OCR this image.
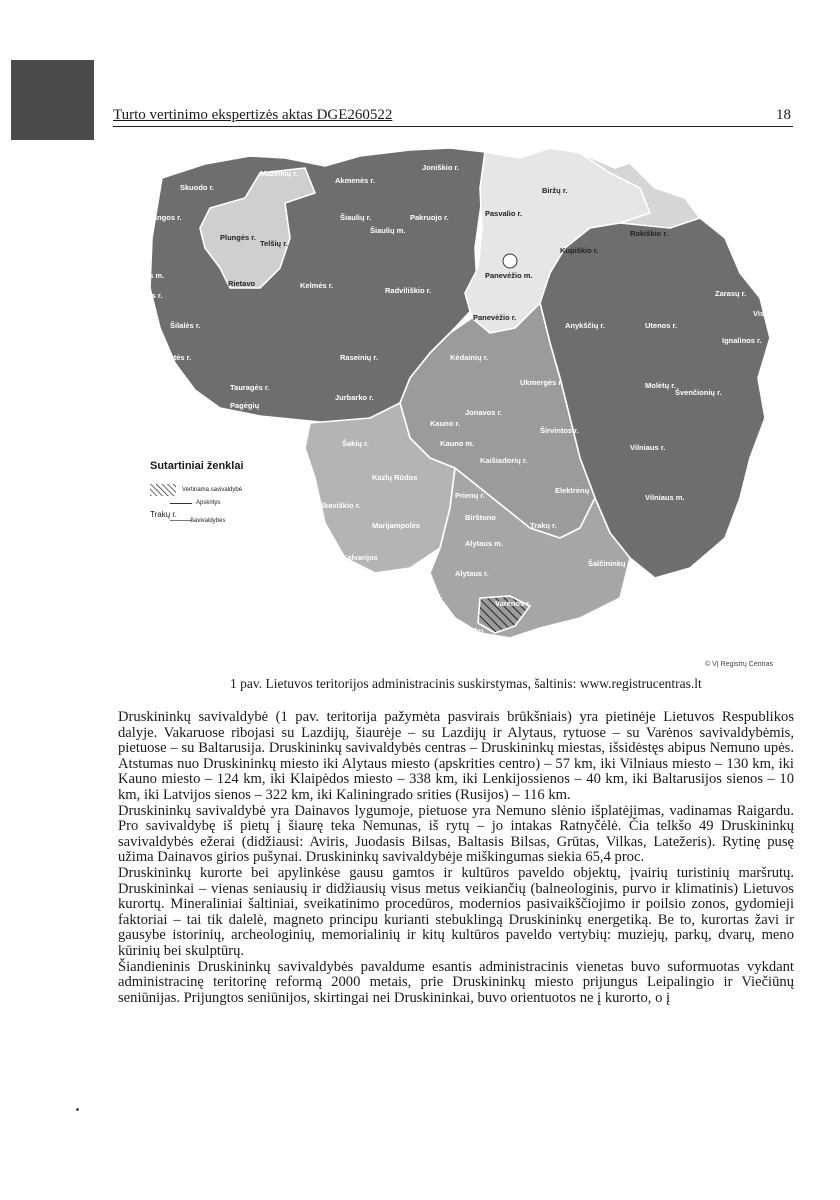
Turto vertinimo ekspertizės aktas DGE260522	18
Mažeikių r.
Skuodo r.
Akmenės r.
Joniškio r.
Kretingos r.	Šiaulių r.
Šiaulių m.
Pakruojo r.
Palangos m.
Klaipėdos r.
Kelmės r.
Radviliškio r.
Šilalės r.
Neringa
Šilutės r.
Tauragės r.
Raseinių r.	Kėdainių r.
Anykščių r.	Utenos r.
Zarasų r.
Visaginas
Ignalinos r.
Ukmergės r.	Molėtų r.
Švenčionių r.
Pagėgių
Jurbarko r.
Jonavos r.
Kauno r.
Kauno m.
Širvintos r.
Vilniaus r.
Šakių r.
Kaišiadorių r.
Elektrėnų
Vilniaus m.
Kazlų Rūdos
Vilkaviškio r.
Prienų r.
Birštono
Trakų r.
Marijampolės
Alytaus m.
Kalvarijos
Alytaus r.
Šalčininkų r.
Lazdijų r.
Varėnos r.
Druskininkų
Plungės r.
Telšių r.
Rietavo
Biržų r.
Pasvalio r.
Kupiškio r.
Rokiškio r.
Panevėžio m.
Panevėžio r.
Sutartiniai ženklai
Vertinama savivaldybė
Apskritys
Trakų r.
Savivaldybės
© VĮ Registrų Centras
1 pav. Lietuvos teritorijos administracinis suskirstymas, šaltinis: www.registrucentras.lt

Druskininkų savivaldybė (1 pav. teritorija pažymėta pasvirais brūkšniais) yra pietinėje Lietuvos Respublikos dalyje. Vakaruose ribojasi su Lazdijų, šiaurėje – su Lazdijų ir Alytaus, rytuose – su Varėnos savivaldybėmis, pietuose – su Baltarusija. Druskininkų savivaldybės centras – Druskininkų miestas, išsidėstęs abipus Nemuno upės. Atstumas nuo Druskininkų miesto iki Alytaus miesto (apskrities centro) – 57 km, iki Vilniaus miesto – 130 km, iki Kauno miesto – 124 km, iki Klaipėdos miesto – 338 km, iki Lenkijossienos – 40 km, iki Baltarusijos sienos – 10 km, iki Latvijos sienos – 322 km, iki Kaliningrado srities (Rusijos) – 116 km.

Druskininkų savivaldybė yra Dainavos lygumoje, pietuose yra Nemuno slėnio išplatėjimas, vadinamas Raigardu. Pro savivaldybę iš pietų į šiaurę teka Nemunas, iš rytų – jo intakas Ratnyčėlė. Čia telkšo 49 Druskininkų savivaldybės ežerai (didžiausi: Aviris, Juodasis Bilsas, Baltasis Bilsas, Grūtas, Vilkas, Latežeris). Rytinę pusę užima Dainavos girios pušynai. Druskininkų savivaldybėje miškingumas siekia 65,4 proc.

Druskininkų kurorte bei apylinkėse gausu gamtos ir kultūros paveldo objektų, įvairių turistinių maršrutų. Druskininkai – vienas seniausių ir didžiausių visus metus veikiančių (balneologinis, purvo ir klimatinis) Lietuvos kurortų. Mineraliniai šaltiniai, sveikatinimo procedūros, modernios pasivaikščiojimo ir poilsio zonos, gydomieji faktoriai – tai tik dalelė, magneto principu kurianti stebuklingą Druskininkų energetiką. Be to, kurortas žavi ir gausybe istorinių, archeologinių, memorialinių ir kitų kultūros paveldo vertybių: muziejų, parkų, dvarų, meno kūrinių bei skulptūrų.

Šiandieninis Druskininkų savivaldybės pavaldume esantis administracinis vienetas buvo suformuotas vykdant administracinę teritorinę reformą 2000 metais, prie Druskininkų miesto prijungus Leipalingio ir Viečiūnų seniūnijas. Prijungtos seniūnijos, skirtingai nei Druskininkai, buvo orientuotos ne į kurorto, o į
